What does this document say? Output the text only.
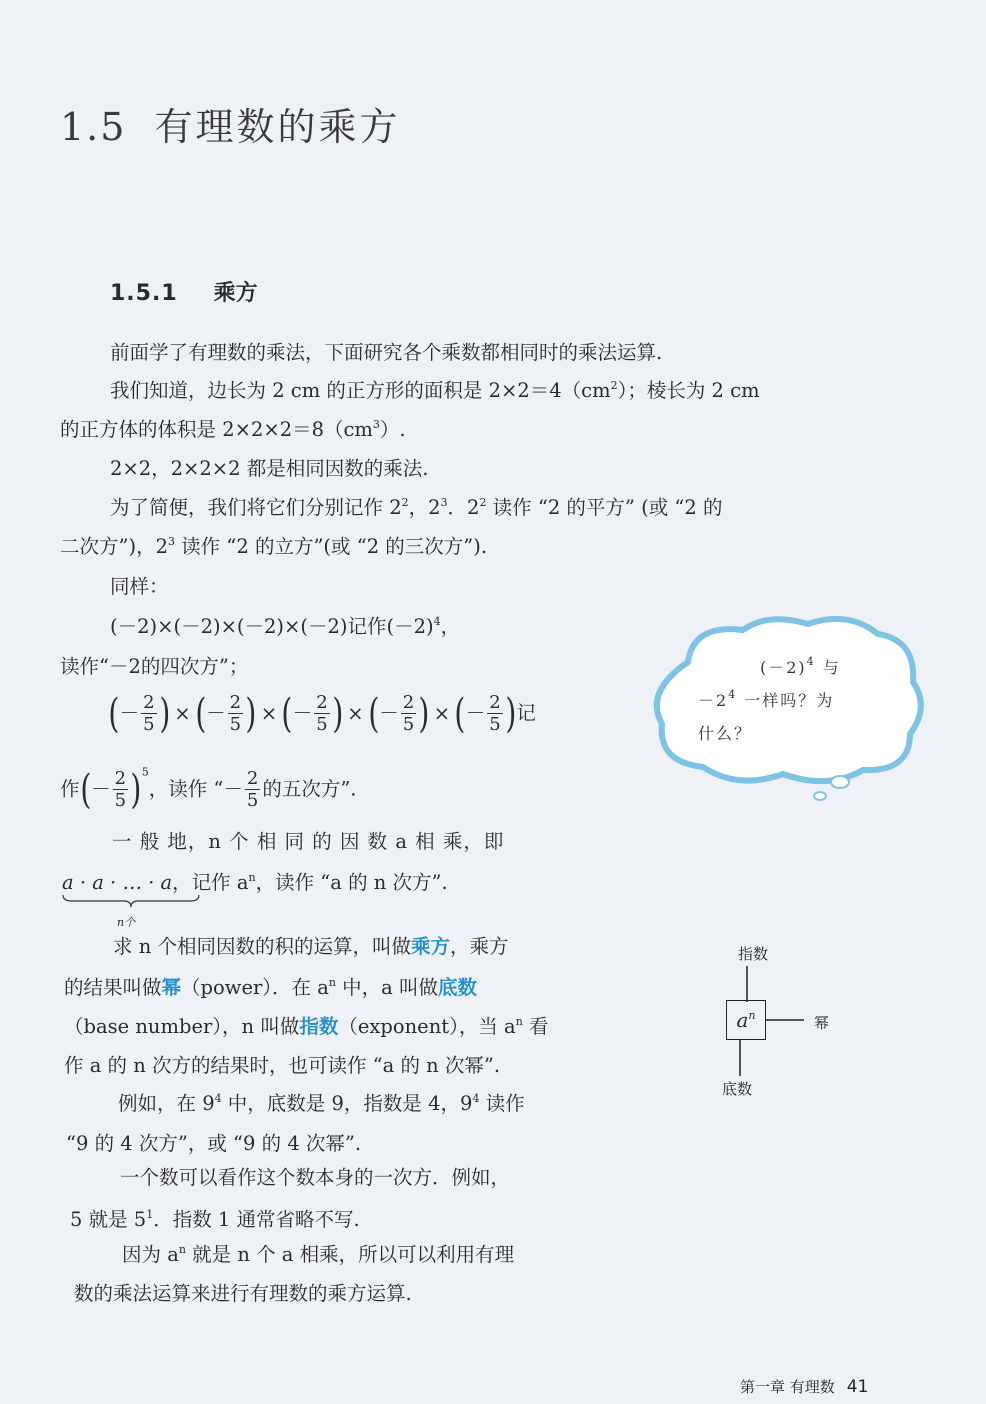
1.5 有理数的乘方
1.5.1 乘方
前面学了有理数的乘法，下面研究各个乘数都相同时的乘法运算.
我们知道，边长为 2 cm 的正方形的面积是 $2\times 2=4(cm^2)$；棱长为 2 cm
的正方体的体积是 $2\times 2\times 2=8(cm^3)$.
2×2，2×2×2 都是相同因数的乘法.
为了简便，我们将它们分别记作 $2^2$，$2^3$．$2^2$ 读作 “2 的平方” (或 “2 的
二次方”)，$2^3$ 读作 “2 的立方”(或 “2 的三次方”).
同样：
(－2)×(－2)×(－2)×(－2)记作$(-2)^4$，
读作“－2的四次方”；
(－ $\frac{2}{5}$ ) × (－ $\frac{2}{5}$ ) × (－ $\frac{2}{5}$ ) × (－ $\frac{2}{5}$ ) × (－ $\frac{2}{5}$ )记
作(－ $\frac{2}{5} )^5$，读作 “－ $\frac{2}{5}$ 的五次方”.
一 般 地，n 个 相 同 的 因 数 a 相 乘，即
a · a · … · a，记作 $a^n$，读作 “a 的 n 次方”.
n个
求 n 个相同因数的积的运算，叫做乘方，乘方
的结果叫做幂（power）．在 $a^n$ 中，a 叫做底数
（base number），n 叫做指数（exponent），当 $a^n$ 看
作 a 的 n 次方的结果时，也可读作 “a 的 n 次幂”.
例如，在 $9^4$ 中，底数是 9，指数是 4，$9^4$ 读作
“9 的 4 次方”，或 “9 的 4 次幂”.
一个数可以看作这个数本身的一次方．例如，
5 就是 $5^1$．指数 1 通常省略不写.
因为 $a^n$ 就是 n 个 a 相乘，所以可以利用有理
数的乘法运算来进行有理数的乘方运算.
$(-2)^4$ 与
$-2^4$ 一样吗？为
什么？
指数
$a^n$	幂
底数
第一章 有理数 41
